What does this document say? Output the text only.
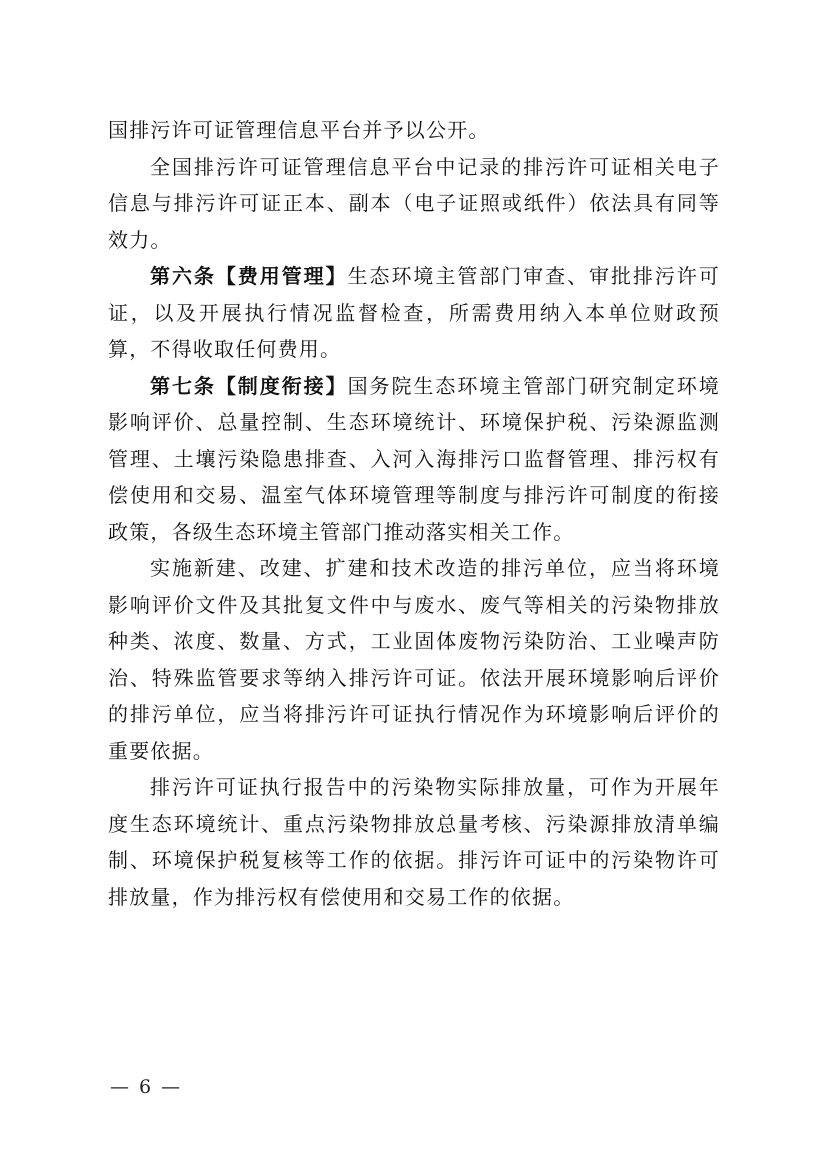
国排污许可证管理信息平台并予以公开。

全国排污许可证管理信息平台中记录的排污许可证相关电子信息与排污许可证正本、副本（电子证照或纸件）依法具有同等效力。

第六条【费用管理】生态环境主管部门审查、审批排污许可证，以及开展执行情况监督检查，所需费用纳入本单位财政预算，不得收取任何费用。

第七条【制度衔接】国务院生态环境主管部门研究制定环境影响评价、总量控制、生态环境统计、环境保护税、污染源监测管理、土壤污染隐患排查、入河入海排污口监督管理、排污权有偿使用和交易、温室气体环境管理等制度与排污许可制度的衔接政策，各级生态环境主管部门推动落实相关工作。

实施新建、改建、扩建和技术改造的排污单位，应当将环境影响评价文件及其批复文件中与废水、废气等相关的污染物排放种类、浓度、数量、方式，工业固体废物污染防治、工业噪声防治、特殊监管要求等纳入排污许可证。依法开展环境影响后评价的排污单位，应当将排污许可证执行情况作为环境影响后评价的重要依据。

排污许可证执行报告中的污染物实际排放量，可作为开展年度生态环境统计、重点污染物排放总量考核、污染源排放清单编制、环境保护税复核等工作的依据。排污许可证中的污染物许可排放量，作为排污权有偿使用和交易工作的依据。

— 6 —
